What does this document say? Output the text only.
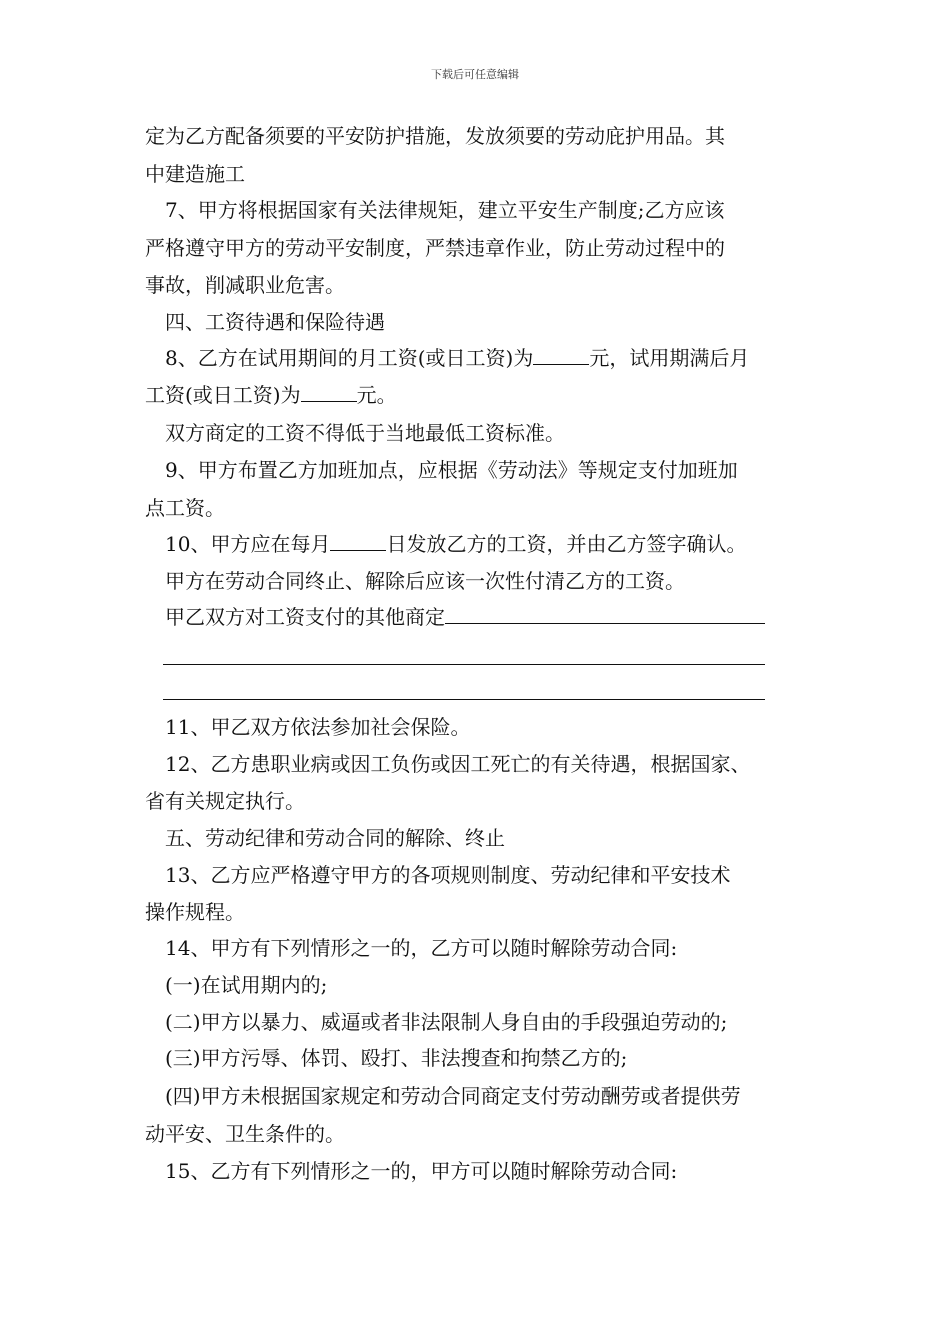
下载后可任意编辑
定为乙方配备须要的平安防护措施，发放须要的劳动庇护用品。其
中建造施工
7、甲方将根据国家有关法律规矩，建立平安生产制度;乙方应该
严格遵守甲方的劳动平安制度，严禁违章作业，防止劳动过程中的
事故，削减职业危害。
四、工资待遇和保险待遇
8、乙方在试用期间的月工资(或日工资)为	元，试用期满后月
工资(或日工资)为	元。
双方商定的工资不得低于当地最低工资标准。
9、甲方布置乙方加班加点，应根据《劳动法》等规定支付加班加
点工资。
10、甲方应在每月	日发放乙方的工资，并由乙方签字确认。
甲方在劳动合同终止、解除后应该一次性付清乙方的工资。
甲乙双方对工资支付的其他商定
11、甲乙双方依法参加社会保险。
12、乙方患职业病或因工负伤或因工死亡的有关待遇，根据国家、
省有关规定执行。
五、劳动纪律和劳动合同的解除、终止
13、乙方应严格遵守甲方的各项规则制度、劳动纪律和平安技术
操作规程。
14、甲方有下列情形之一的，乙方可以随时解除劳动合同:
(一)在试用期内的;
(二)甲方以暴力、威逼或者非法限制人身自由的手段强迫劳动的;
(三)甲方污辱、体罚、殴打、非法搜查和拘禁乙方的;
(四)甲方未根据国家规定和劳动合同商定支付劳动酬劳或者提供劳
动平安、卫生条件的。
15、乙方有下列情形之一的，甲方可以随时解除劳动合同:
